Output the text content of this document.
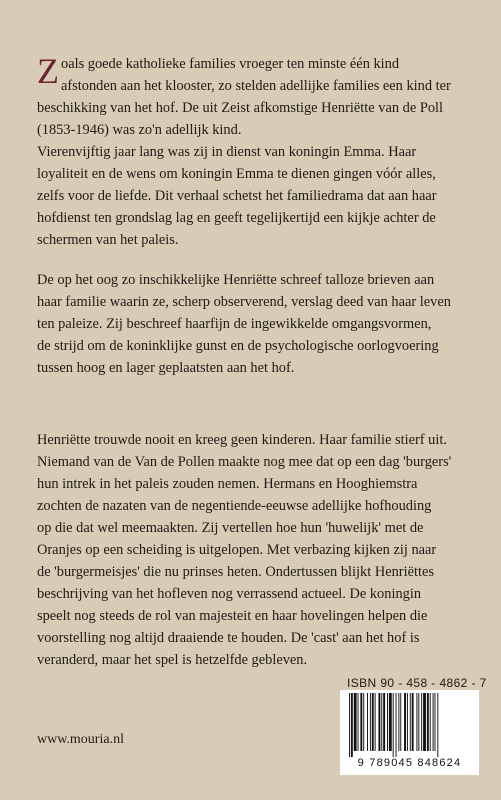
Z oals goede katholieke families vroeger ten minste één kind
afstonden aan het klooster, zo stelden adellijke families een kind ter
beschikking van het hof. De uit Zeist afkomstige Henriëtte van de Poll
(1853-1946) was zo'n adellijk kind.
Vierenvijftig jaar lang was zij in dienst van koningin Emma. Haar
loyaliteit en de wens om koningin Emma te dienen gingen vóór alles,
zelfs voor de liefde. Dit verhaal schetst het familiedrama dat aan haar
hofdienst ten grondslag lag en geeft tegelijkertijd een kijkje achter de
schermen van het paleis.
De op het oog zo inschikkelijke Henriëtte schreef talloze brieven aan
haar familie waarin ze, scherp observerend, verslag deed van haar leven
ten paleize. Zij beschreef haarfijn de ingewikkelde omgangsvormen,
de strijd om de koninklijke gunst en de psychologische oorlogvoering
tussen hoog en lager geplaatsten aan het hof.
Henriëtte trouwde nooit en kreeg geen kinderen. Haar familie stierf uit.
Niemand van de Van de Pollen maakte nog mee dat op een dag 'burgers'
hun intrek in het paleis zouden nemen. Hermans en Hooghiemstra
zochten de nazaten van de negentiende-eeuwse adellijke hofhouding
op die dat wel meemaakten. Zij vertellen hoe hun 'huwelijk' met de
Oranjes op een scheiding is uitgelopen. Met verbazing kijken zij naar
de 'burgermeisjes' die nu prinses heten. Ondertussen blijkt Henriëttes
beschrijving van het hofleven nog verrassend actueel. De koningin
speelt nog steeds de rol van majesteit en haar hovelingen helpen die
voorstelling nog altijd draaiende te houden. De 'cast' aan het hof is
veranderd, maar het spel is hetzelfde gebleven.
www.mouria.nl
ISBN 90 - 458 - 4862 - 7
9 789045 848624
